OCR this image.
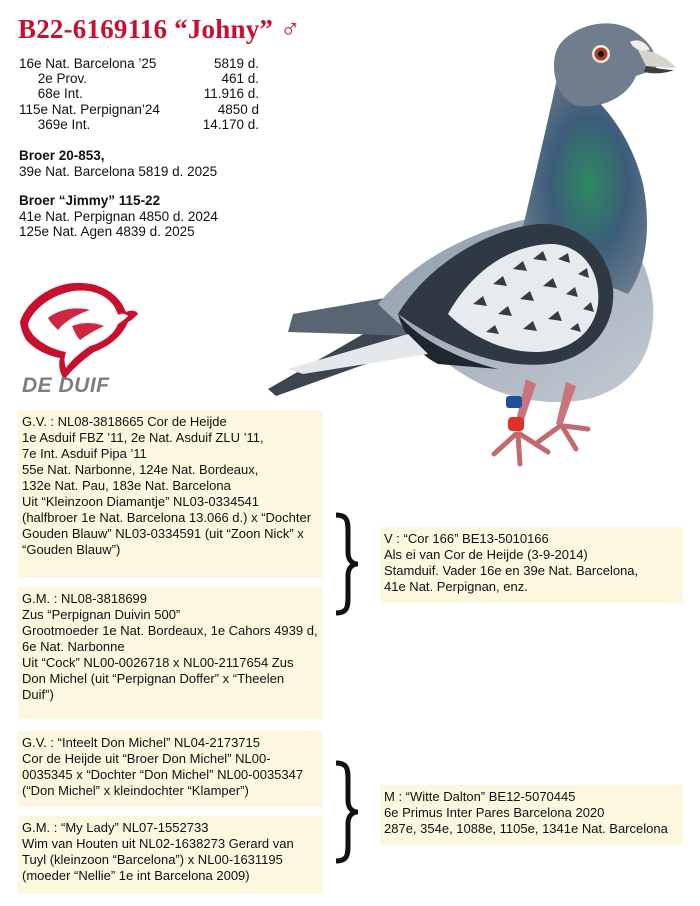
B22-6169116 “Johny” ♂
16e Nat. Barcelona ’25	5819 d.
2e Prov.	461 d.
68e Int.	11.916 d.
115e Nat. Perpignan’24	4850 d
369e Int.	14.170 d.
Broer 20-853,
39e Nat. Barcelona 5819 d. 2025
Broer “Jimmy” 115-22
41e Nat. Perpignan 4850 d. 2024
125e Nat. Agen 4839 d. 2025
DE DUIF
G.V. : NL08-3818665 Cor de Heijde
1e Asduif FBZ ’11, 2e Nat. Asduif ZLU ’11,
7e Int. Asduif Pipa ’11
55e Nat. Narbonne, 124e Nat. Bordeaux,
132e Nat. Pau, 183e Nat. Barcelona
Uit “Kleinzoon Diamantje” NL03-0334541
(halfbroer 1e Nat. Barcelona 13.066 d.) x “Dochter
Gouden Blauw” NL03-0334591 (uit “Zoon Nick” x
“Gouden Blauw”)
G.M. : NL08-3818699
Zus “Perpignan Duivin 500”
Grootmoeder 1e Nat. Bordeaux, 1e Cahors 4939 d,
6e Nat. Narbonne
Uit “Cock” NL00-0026718 x NL00-2117654 Zus
Don Michel (uit “Perpignan Doffer” x “Theelen
Duif”)
V : “Cor 166” BE13-5010166
Als ei van Cor de Heijde (3-9-2014)
Stamduif. Vader 16e en 39e Nat. Barcelona,
41e Nat. Perpignan, enz.
G.V. : “Inteelt Don Michel” NL04-2173715
Cor de Heijde uit “Broer Don Michel” NL00-
0035345 x “Dochter “Don Michel” NL00-0035347
(“Don Michel” x kleindochter “Klamper”)
G.M. : “My Lady” NL07-1552733
Wim van Houten uit NL02-1638273 Gerard van
Tuyl (kleinzoon “Barcelona”) x NL00-1631195
(moeder “Nellie” 1e int Barcelona 2009)
M : “Witte Dalton” BE12-5070445
6e Primus Inter Pares Barcelona 2020
287e, 354e, 1088e, 1105e, 1341e Nat. Barcelona
